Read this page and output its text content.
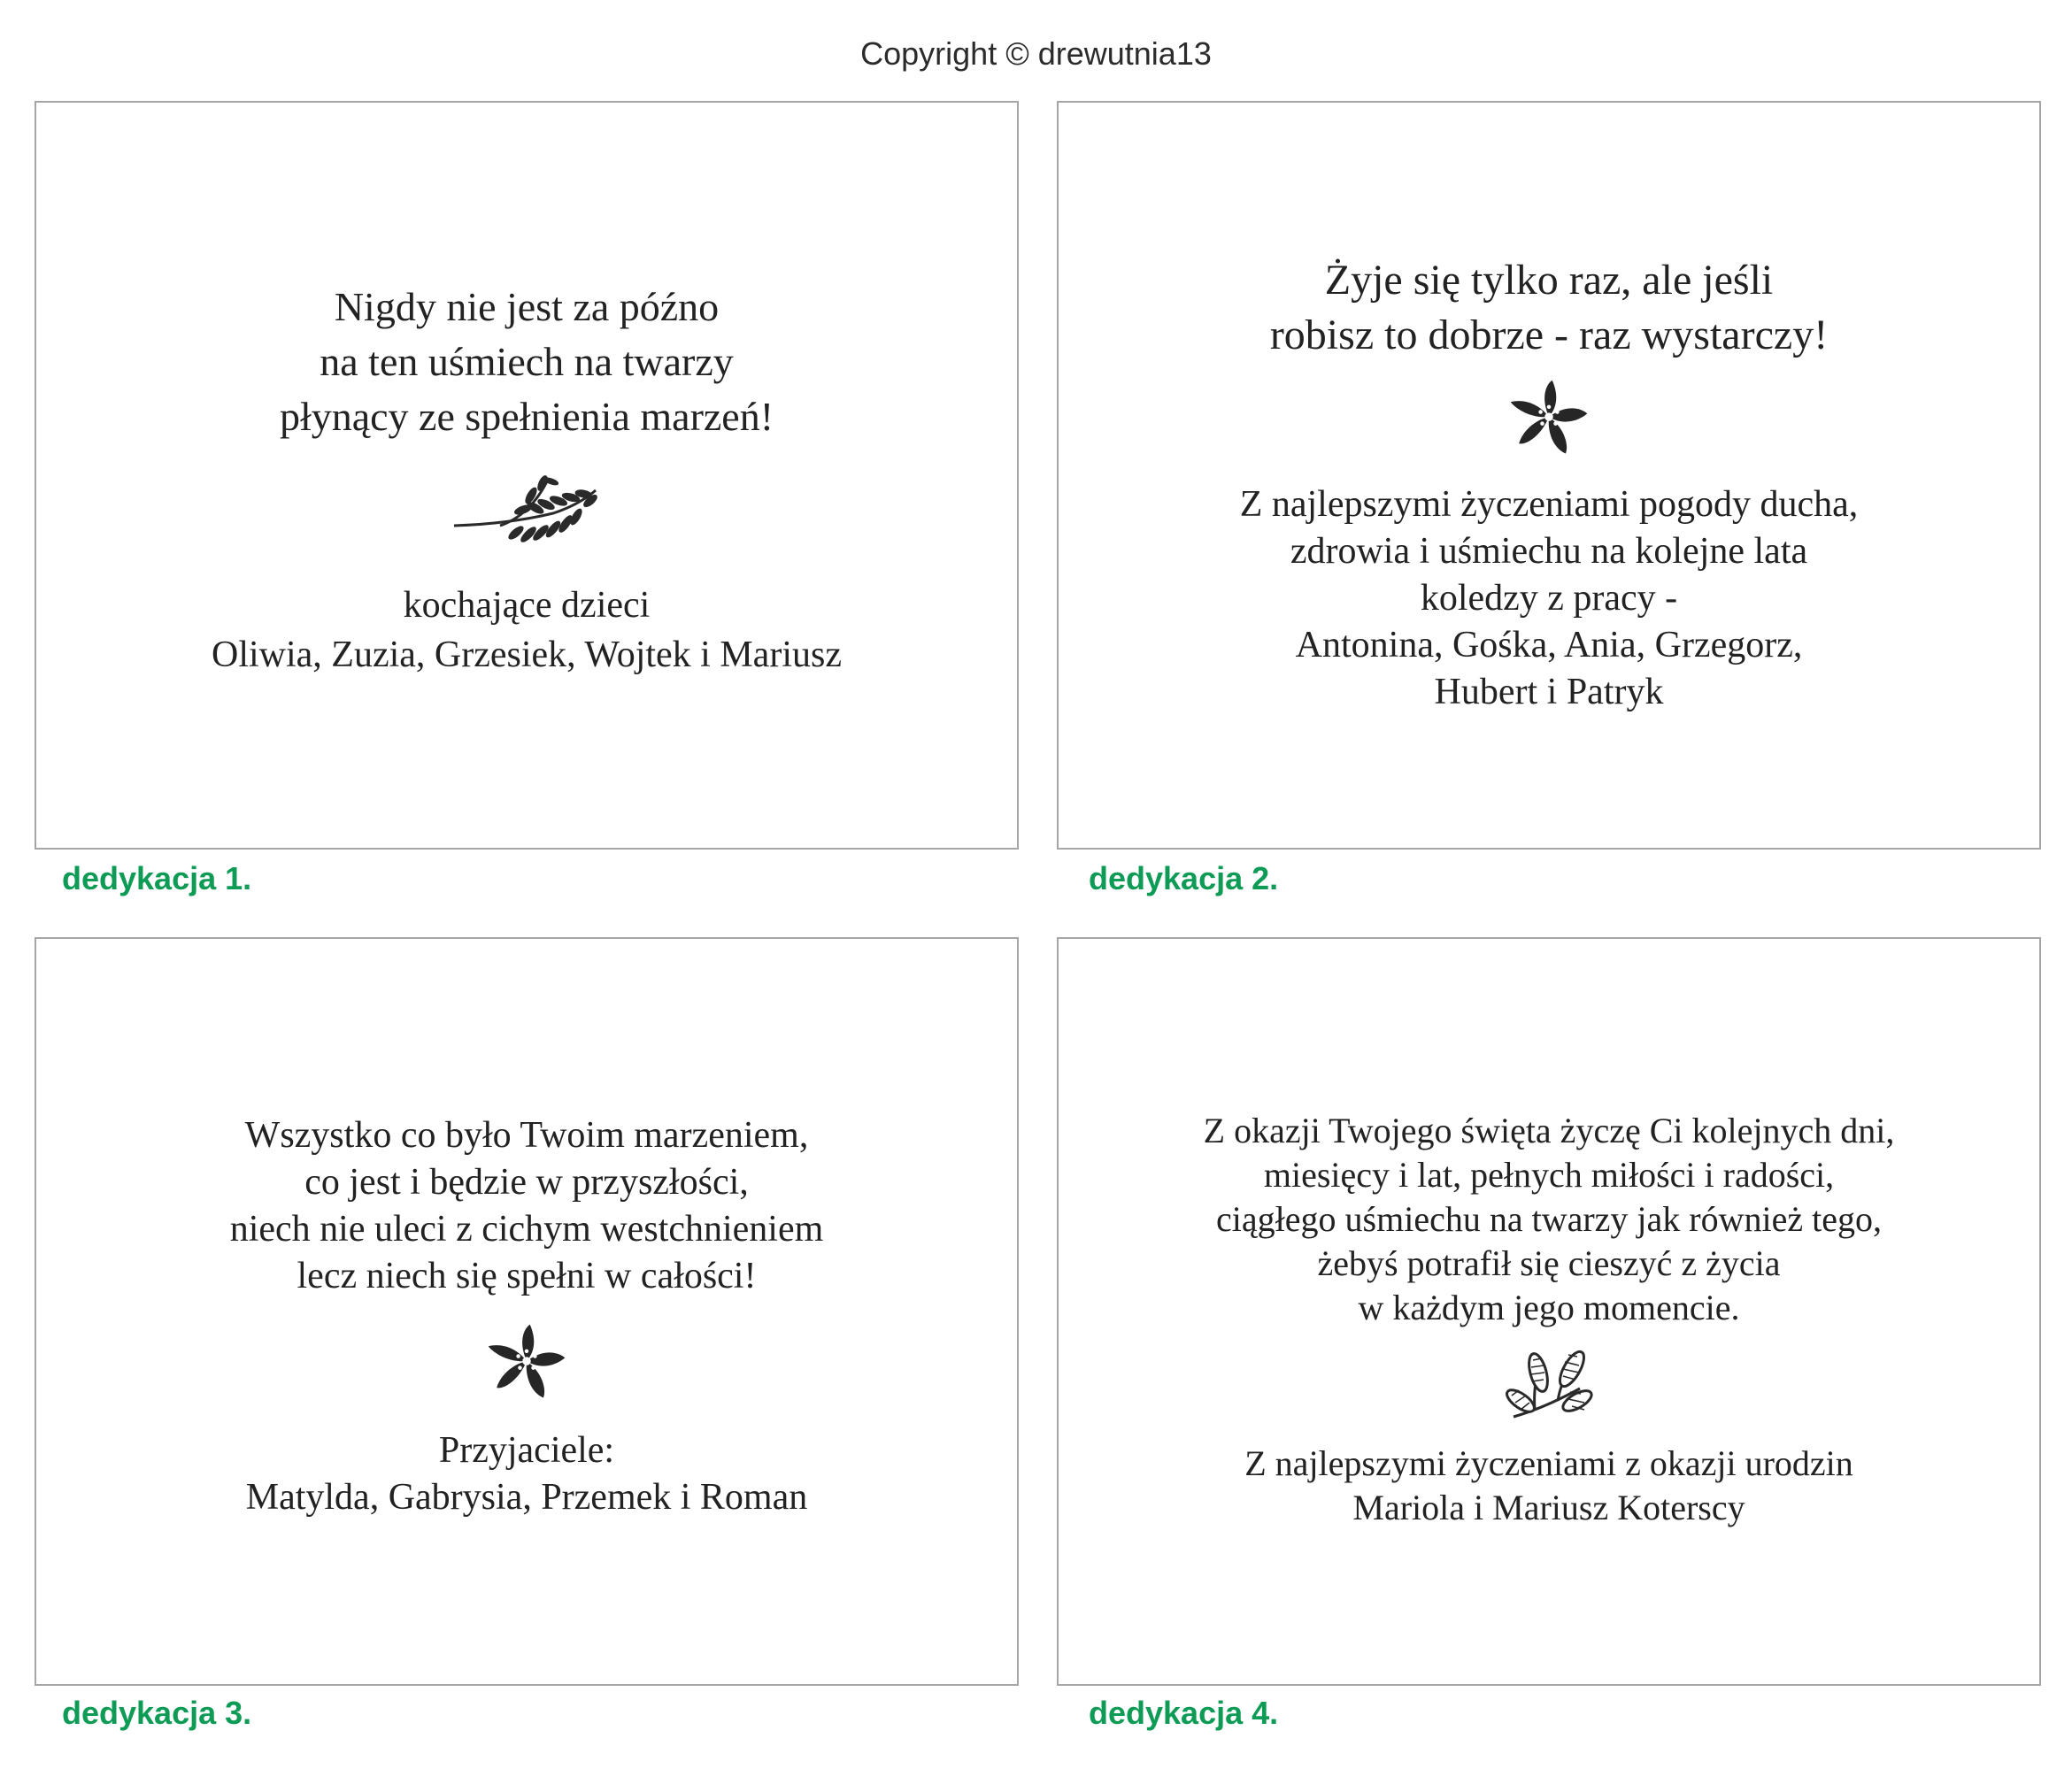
Copyright © drewutnia13
Nigdy nie jest za późno
na ten uśmiech na twarzy
płynący ze spełnienia marzeń!
kochające dzieci
Oliwia, Zuzia, Grzesiek, Wojtek i Mariusz
dedykacja 1.
Żyje się tylko raz, ale jeśli
robisz to dobrze - raz wystarczy!
Z najlepszymi życzeniami pogody ducha,
zdrowia i uśmiechu na kolejne lata
koledzy z pracy -
Antonina, Gośka, Ania, Grzegorz,
Hubert i Patryk
dedykacja 2.
Wszystko co było Twoim marzeniem,
co jest i będzie w przyszłości,
niech nie uleci z cichym westchnieniem
lecz niech się spełni w całości!
Przyjaciele:
Matylda, Gabrysia, Przemek i Roman
dedykacja 3.
Z okazji Twojego święta życzę Ci kolejnych dni,
miesięcy i lat, pełnych miłości i radości,
ciągłego uśmiechu na twarzy jak również tego,
żebyś potrafił się cieszyć z życia
w każdym jego momencie.
Z najlepszymi życzeniami z okazji urodzin
Mariola i Mariusz Koterscy
dedykacja 4.
